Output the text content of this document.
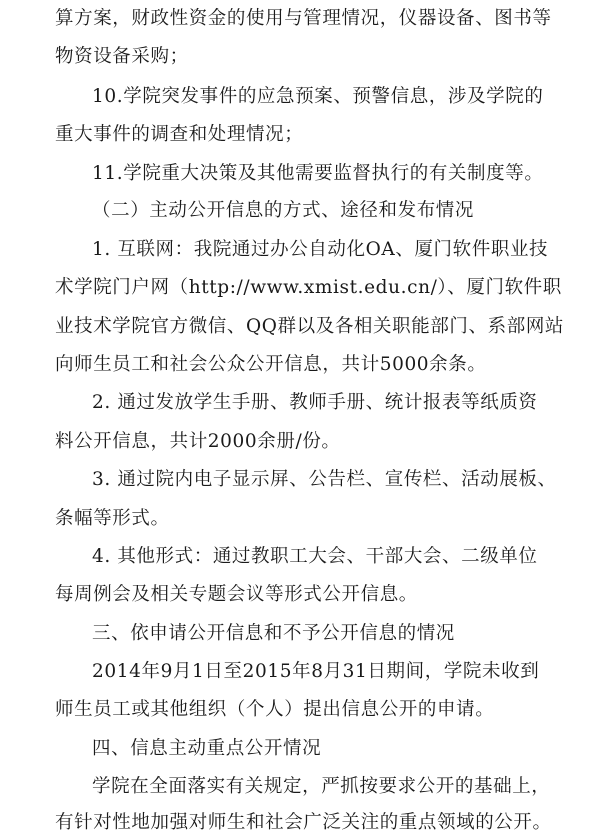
算方案，财政性资金的使用与管理情况，仪器设备、图书等
物资设备采购；
10.学院突发事件的应急预案、预警信息，涉及学院的
重大事件的调查和处理情况；
11.学院重大决策及其他需要监督执行的有关制度等。
（二）主动公开信息的方式、途径和发布情况
1. 互联网：我院通过办公自动化OA、厦门软件职业技
术学院门户网（http://www.xmist.edu.cn/）、厦门软件职
业技术学院官方微信、QQ群以及各相关职能部门、系部网站
向师生员工和社会公众公开信息，共计5000余条。
2. 通过发放学生手册、教师手册、统计报表等纸质资
料公开信息，共计2000余册/份。
3. 通过院内电子显示屏、公告栏、宣传栏、活动展板、
条幅等形式。
4. 其他形式：通过教职工大会、干部大会、二级单位
每周例会及相关专题会议等形式公开信息。
三、依申请公开信息和不予公开信息的情况
2014年9月1日至2015年8月31日期间，学院未收到
师生员工或其他组织（个人）提出信息公开的申请。
四、信息主动重点公开情况
学院在全面落实有关规定，严抓按要求公开的基础上，
有针对性地加强对师生和社会广泛关注的重点领域的公开。
